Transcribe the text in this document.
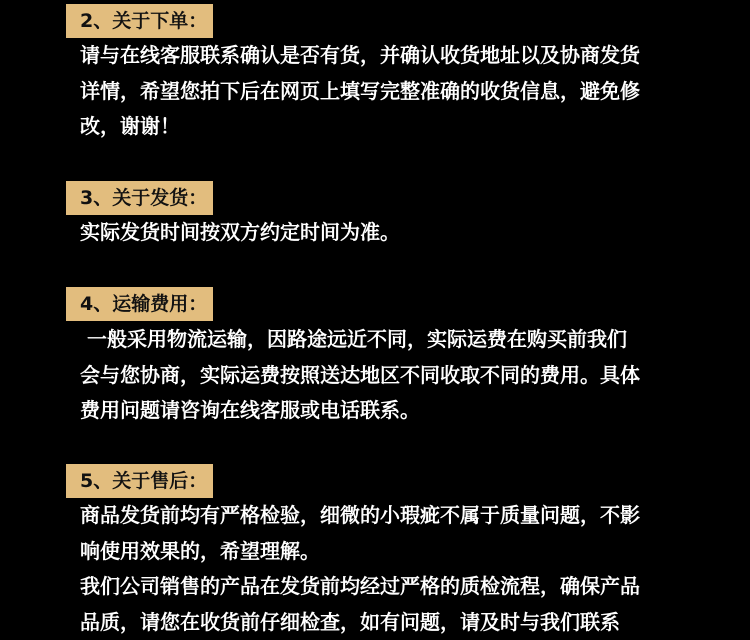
2、关于下单：
请与在线客服联系确认是否有货，并确认收货地址以及协商发货
详情，希望您拍下后在网页上填写完整准确的收货信息，避免修
改，谢谢！
3、关于发货：
实际发货时间按双方约定时间为准。
4、运输费用：
一般采用物流运输，因路途远近不同，实际运费在购买前我们
会与您协商，实际运费按照送达地区不同收取不同的费用。具体
费用问题请咨询在线客服或电话联系。
5、关于售后：
商品发货前均有严格检验，细微的小瑕疵不属于质量问题，不影
响使用效果的，希望理解。
我们公司销售的产品在发货前均经过严格的质检流程，确保产品
品质，请您在收货前仔细检查，如有问题，请及时与我们联系
